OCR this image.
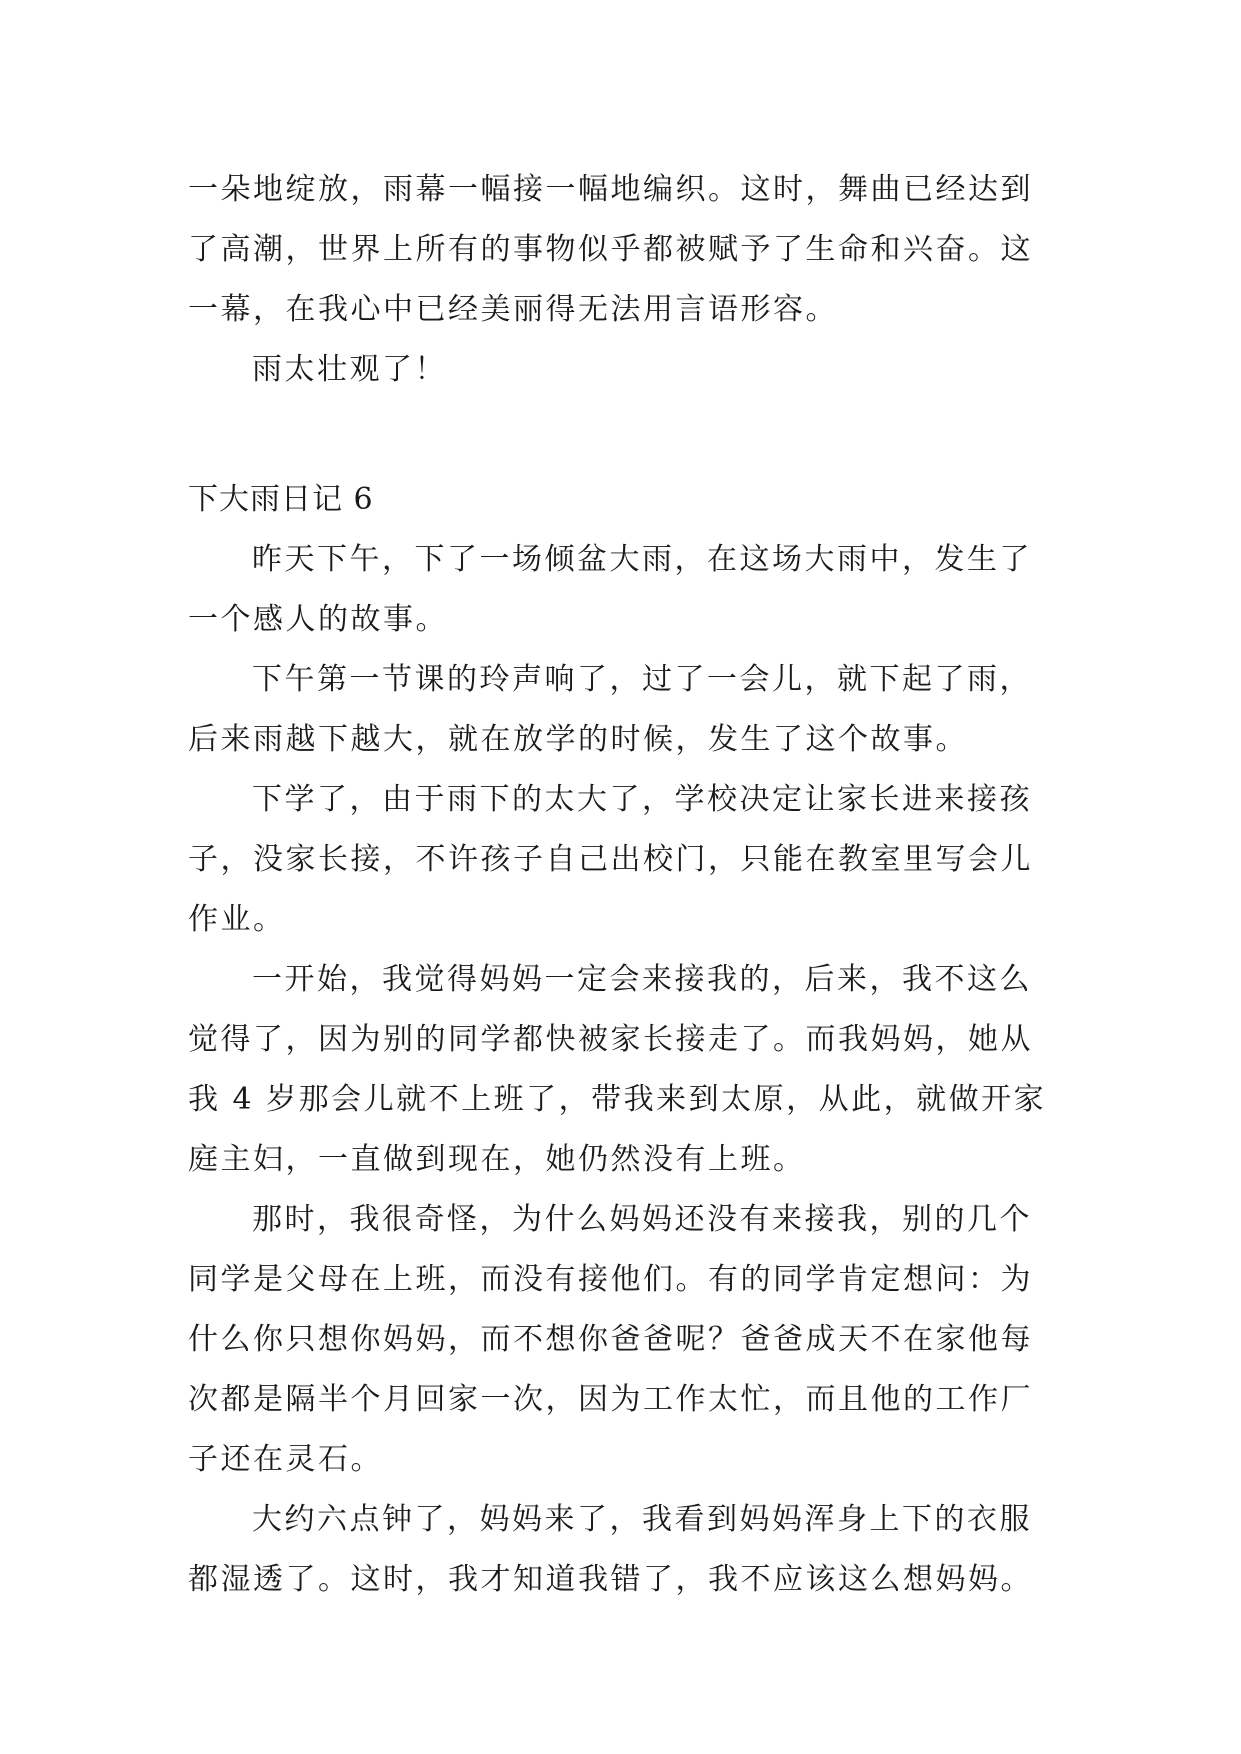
一朵地绽放，雨幕一幅接一幅地编织。这时，舞曲已经达到
了高潮，世界上所有的事物似乎都被赋予了生命和兴奋。这
一幕，在我心中已经美丽得无法用言语形容。
雨太壮观了！
下大雨日记 6
昨天下午，下了一场倾盆大雨，在这场大雨中，发生了
一个感人的故事。
下午第一节课的玲声响了，过了一会儿，就下起了雨，
后来雨越下越大，就在放学的时候，发生了这个故事。
下学了，由于雨下的太大了，学校决定让家长进来接孩
子，没家长接，不许孩子自己出校门，只能在教室里写会儿
作业。
一开始，我觉得妈妈一定会来接我的，后来，我不这么
觉得了，因为别的同学都快被家长接走了。而我妈妈，她从
我 4 岁那会儿就不上班了，带我来到太原，从此，就做开家
庭主妇，一直做到现在，她仍然没有上班。
那时，我很奇怪，为什么妈妈还没有来接我，别的几个
同学是父母在上班，而没有接他们。有的同学肯定想问：为
什么你只想你妈妈，而不想你爸爸呢？爸爸成天不在家他每
次都是隔半个月回家一次，因为工作太忙，而且他的工作厂
子还在灵石。
大约六点钟了，妈妈来了，我看到妈妈浑身上下的衣服
都湿透了。这时，我才知道我错了，我不应该这么想妈妈。
